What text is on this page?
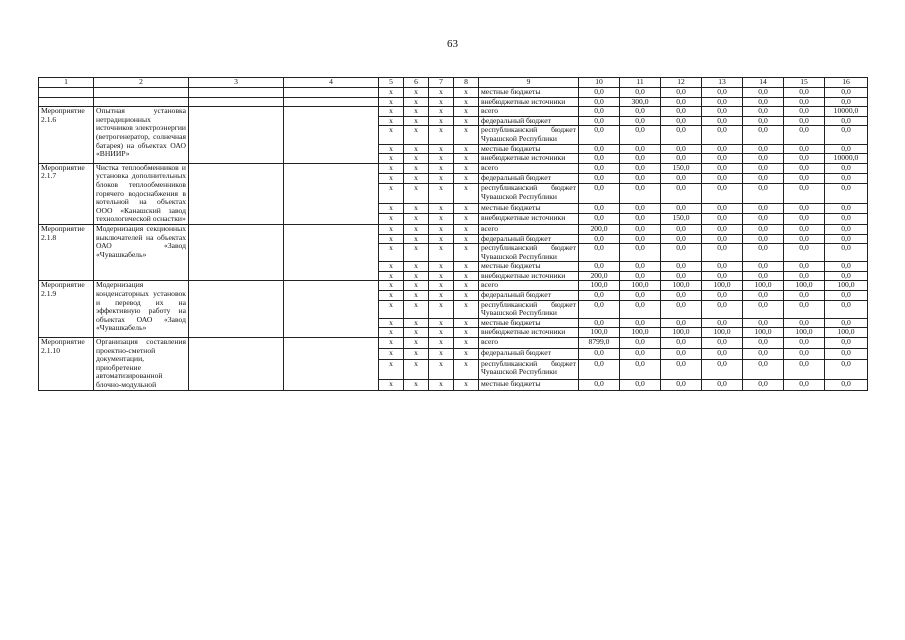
63
1	2	3	4	5	6	7	8	9	10	11	12	13	14	15	16
				x	x	x	x	местные бюджеты	0,0	0,0	0,0	0,0	0,0	0,0	0,0
				x	x	x	x	внебюджетные источники	0,0	300,0	0,0	0,0	0,0	0,0	0,0
Мероприятие 2.1.6	Опытная установка нетрадиционных источников электроэнергии (ветрогенератор, солнечная батарея) на объектах ОАО «ВНИИР»			x	x	x	x	всего	0,0	0,0	0,0	0,0	0,0	0,0	10000,0
				x	x	x	x	федеральный бюджет	0,0	0,0	0,0	0,0	0,0	0,0	0,0
				x	x	x	x	республиканский бюджет Чувашской Республики	0,0	0,0	0,0	0,0	0,0	0,0	0,0
				x	x	x	x	местные бюджеты	0,0	0,0	0,0	0,0	0,0	0,0	0,0
				x	x	x	x	внебюджетные источники	0,0	0,0	0,0	0,0	0,0	0,0	10000,0
Мероприятие 2.1.7	Чистка теплообменников и установка дополнительных блоков теплообменников горячего водоснабжения в котельной на объектах ООО «Канашский завод технологической оснастки»			x	x	x	x	всего	0,0	0,0	150,0	0,0	0,0	0,0	0,0
				x	x	x	x	федеральный бюджет	0,0	0,0	0,0	0,0	0,0	0,0	0,0
				x	x	x	x	республиканский бюджет Чувашской Республики	0,0	0,0	0,0	0,0	0,0	0,0	0,0
				x	x	x	x	местные бюджеты	0,0	0,0	0,0	0,0	0,0	0,0	0,0
				x	x	x	x	внебюджетные источники	0,0	0,0	150,0	0,0	0,0	0,0	0,0
Мероприятие 2.1.8	Модернизация секционных выключателей на объектах ОАО «Завод «Чувашкабель»			x	x	x	x	всего	200,0	0,0	0,0	0,0	0,0	0,0	0,0
				x	x	x	x	федеральный бюджет	0,0	0,0	0,0	0,0	0,0	0,0	0,0
				x	x	x	x	республиканский бюджет Чувашской Республики	0,0	0,0	0,0	0,0	0,0	0,0	0,0
				x	x	x	x	местные бюджеты	0,0	0,0	0,0	0,0	0,0	0,0	0,0
				x	x	x	x	внебюджетные источники	200,0	0,0	0,0	0,0	0,0	0,0	0,0
Мероприятие 2.1.9	Модернизация конденсаторных установок и перевод их на эффективную работу на объектах ОАО «Завод «Чувашкабель»			x	x	x	x	всего	100,0	100,0	100,0	100,0	100,0	100,0	100,0
				x	x	x	x	федеральный бюджет	0,0	0,0	0,0	0,0	0,0	0,0	0,0
				x	x	x	x	республиканский бюджет Чувашской Республики	0,0	0,0	0,0	0,0	0,0	0,0	0,0
				x	x	x	x	местные бюджеты	0,0	0,0	0,0	0,0	0,0	0,0	0,0
				x	x	x	x	внебюджетные источники	100,0	100,0	100,0	100,0	100,0	100,0	100,0
Мероприятие 2.1.10	Организация составления проектно-сметной документации, приобретение автоматизированной блочно-модульной			x	x	x	x	всего	8799,0	0,0	0,0	0,0	0,0	0,0	0,0
				x	x	x	x	федеральный бюджет	0,0	0,0	0,0	0,0	0,0	0,0	0,0
				x	x	x	x	республиканский бюджет Чувашской Республики	0,0	0,0	0,0	0,0	0,0	0,0	0,0
				x	x	x	x	местные бюджеты	0,0	0,0	0,0	0,0	0,0	0,0	0,0
